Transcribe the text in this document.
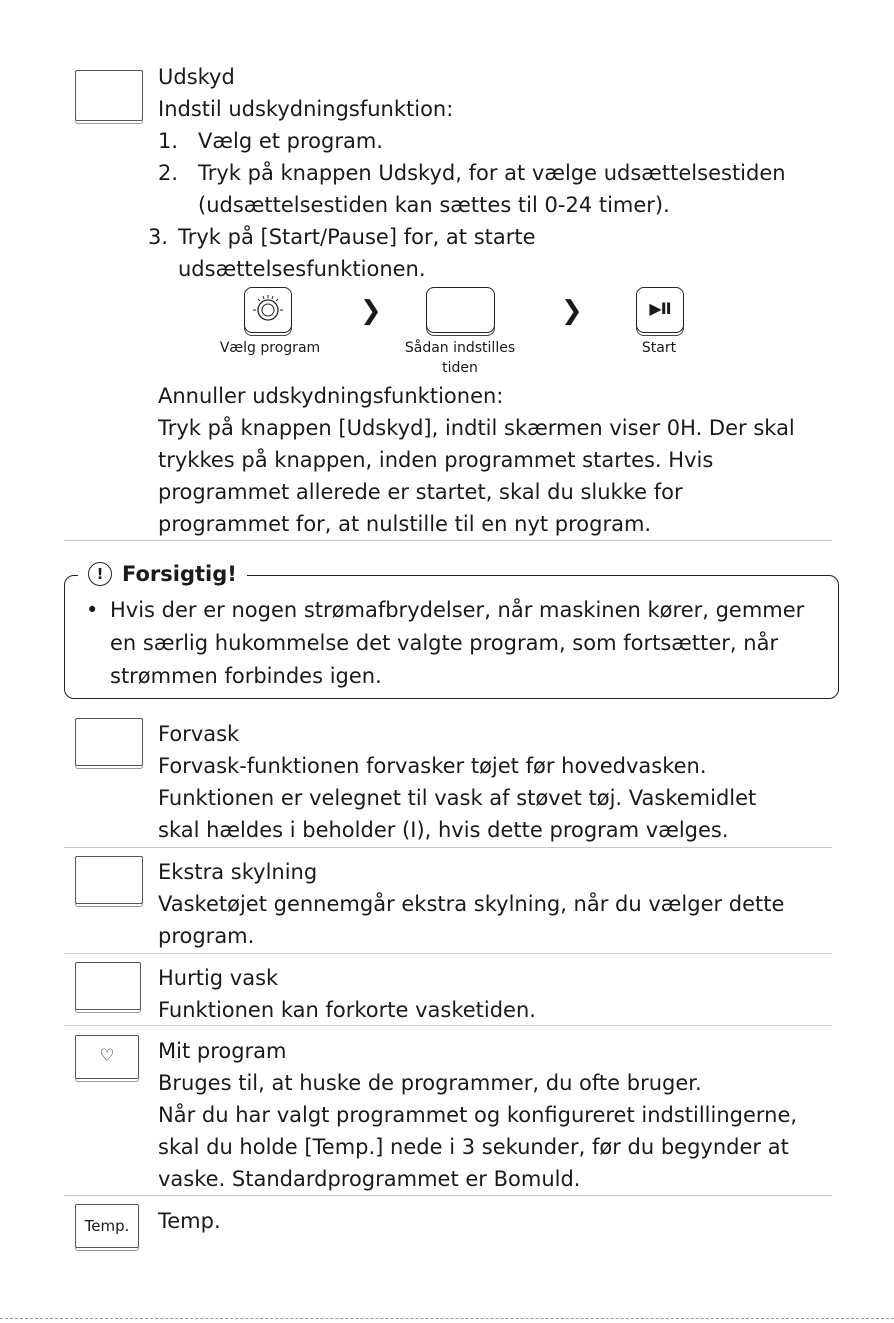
Udskyd
Indstil udskydningsfunktion:
1. Vælg et program.
2. Tryk på knappen Udskyd, for at vælge udsættelsestiden
(udsættelsestiden kan sættes til 0-24 timer).
3. Tryk på [Start/Pause] for, at starte
udsættelsesfunktionen.
❯	❯	▶II
Vælg program	Sådan indstilles
tiden
Start
Annuller udskydningsfunktionen:
Tryk på knappen [Udskyd], indtil skærmen viser 0H. Der skal
trykkes på knappen, inden programmet startes. Hvis
programmet allerede er startet, skal du slukke for
programmet for, at nulstille til en nyt program.
! Forsigtig!
• Hvis der er nogen strømafbrydelser, når maskinen kører, gemmer
en særlig hukommelse det valgte program, som fortsætter, når
strømmen forbindes igen.
Forvask
Forvask-funktionen forvasker tøjet før hovedvasken.
Funktionen er velegnet til vask af støvet tøj. Vaskemidlet
skal hældes i beholder (I), hvis dette program vælges.
Ekstra skylning
Vasketøjet gennemgår ekstra skylning, når du vælger dette
program.
Hurtig vask
Funktionen kan forkorte vasketiden.
♡	Mit program
Bruges til, at huske de programmer, du ofte bruger.
Når du har valgt programmet og konfigureret indstillingerne,
skal du holde [Temp.] nede i 3 sekunder, før du begynder at
vaske. Standardprogrammet er Bomuld.
Temp.	Temp.
